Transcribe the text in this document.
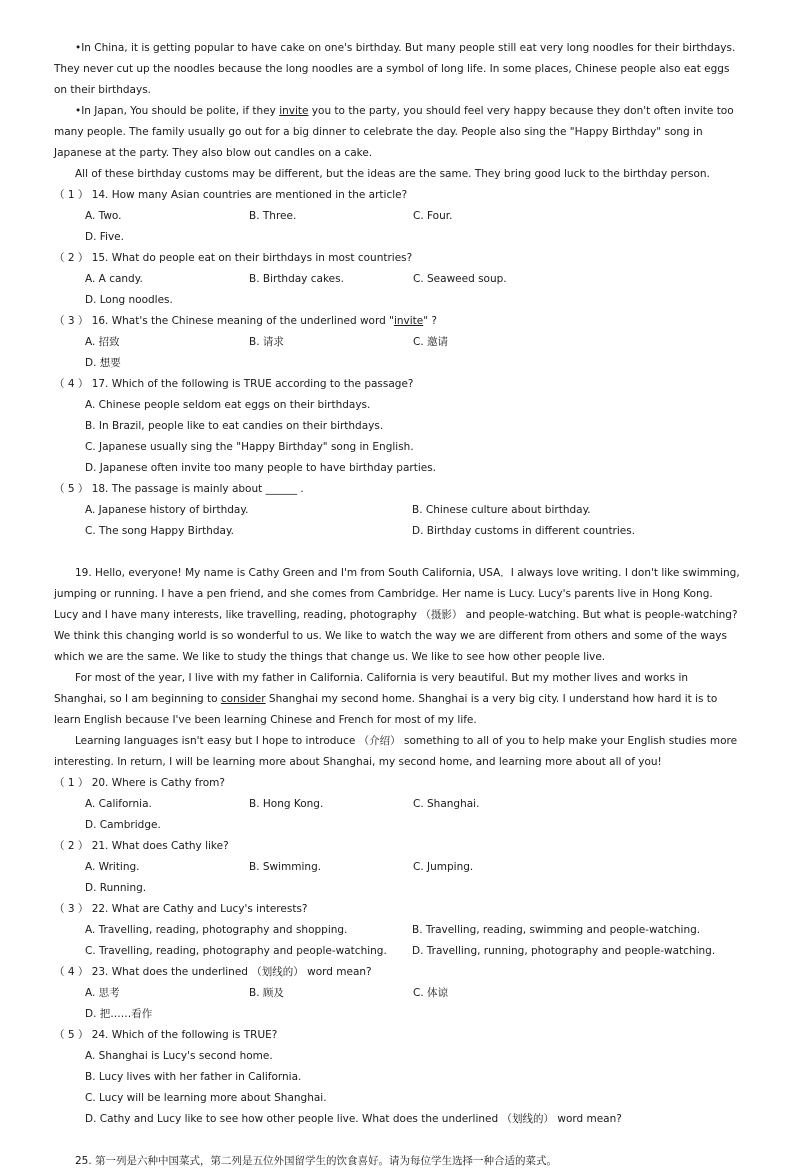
•In China, it is getting popular to have cake on one's birthday. But many people still eat very long noodles for their birthdays. They never cut up the noodles because the long noodles are a symbol of long life. In some places, Chinese people also eat eggs on their birthdays.

•In Japan, You should be polite, if they invite you to the party, you should feel very happy because they don't often invite too many people. The family usually go out for a big dinner to celebrate the day. People also sing the "Happy Birthday" song in Japanese at the party. They also blow out candles on a cake.

All of these birthday customs may be different, but the ideas are the same. They bring good luck to the birthday person.

（ 1 ） 14. How many Asian countries are mentioned in the article?

A. Two.	B. Three.	C. Four.
D. Five.

（ 2 ） 15. What do people eat on their birthdays in most countries?

A. A candy.	B. Birthday cakes.	C. Seaweed soup.
D. Long noodles.

（ 3 ） 16. What's the Chinese meaning of the underlined word "invite" ?

A. 招致	B. 请求	C. 邀请
D. 想要

（ 4 ） 17. Which of the following is TRUE according to the passage?

A. Chinese people seldom eat eggs on their birthdays.
B. In Brazil, people like to eat candies on their birthdays.
C. Japanese usually sing the "Happy Birthday" song in English.
D. Japanese often invite too many people to have birthday parties.

（ 5 ） 18. The passage is mainly about ______ .

A. Japanese history of birthday.	B. Chinese culture about birthday.
C. The song Happy Birthday.	D. Birthday customs in different countries.

19. Hello, everyone! My name is Cathy Green and I'm from South California, USA．I always love writing. I don't like swimming, jumping or running. I have a pen friend, and she comes from Cambridge. Her name is Lucy. Lucy's parents live in Hong Kong. Lucy and I have many interests, like travelling, reading, photography （摄影） and people-watching. But what is people-watching? We think this changing world is so wonderful to us. We like to watch the way we are different from others and some of the ways which we are the same. We like to study the things that change us. We like to see how other people live.

For most of the year, I live with my father in California. California is very beautiful. But my mother lives and works in Shanghai, so I am beginning to consider Shanghai my second home. Shanghai is a very big city. I understand how hard it is to learn English because I've been learning Chinese and French for most of my life.

Learning languages isn't easy but I hope to introduce （介绍） something to all of you to help make your English studies more interesting. In return, I will be learning more about Shanghai, my second home, and learning more about all of you!

（ 1 ） 20. Where is Cathy from?

A. California.	B. Hong Kong.	C. Shanghai.
D. Cambridge.

（ 2 ） 21. What does Cathy like?

A. Writing.	B. Swimming.	C. Jumping.
D. Running.

（ 3 ） 22. What are Cathy and Lucy's interests?

A. Travelling, reading, photography and shopping.	B. Travelling, reading, swimming and people-watching.
C. Travelling, reading, photography and people-watching.	D. Travelling, running, photography and people-watching.

（ 4 ） 23. What does the underlined （划线的） word mean?

A. 思考	B. 顾及	C. 体谅
D. 把……看作

（ 5 ） 24. Which of the following is TRUE?

A. Shanghai is Lucy's second home.
B. Lucy lives with her father in California.
C. Lucy will be learning more about Shanghai.
D. Cathy and Lucy like to see how other people live. What does the underlined （划线的） word mean?

25. 第一列是六种中国菜式，第二列是五位外国留学生的饮食喜好。请为每位学生选择一种合适的菜式。
